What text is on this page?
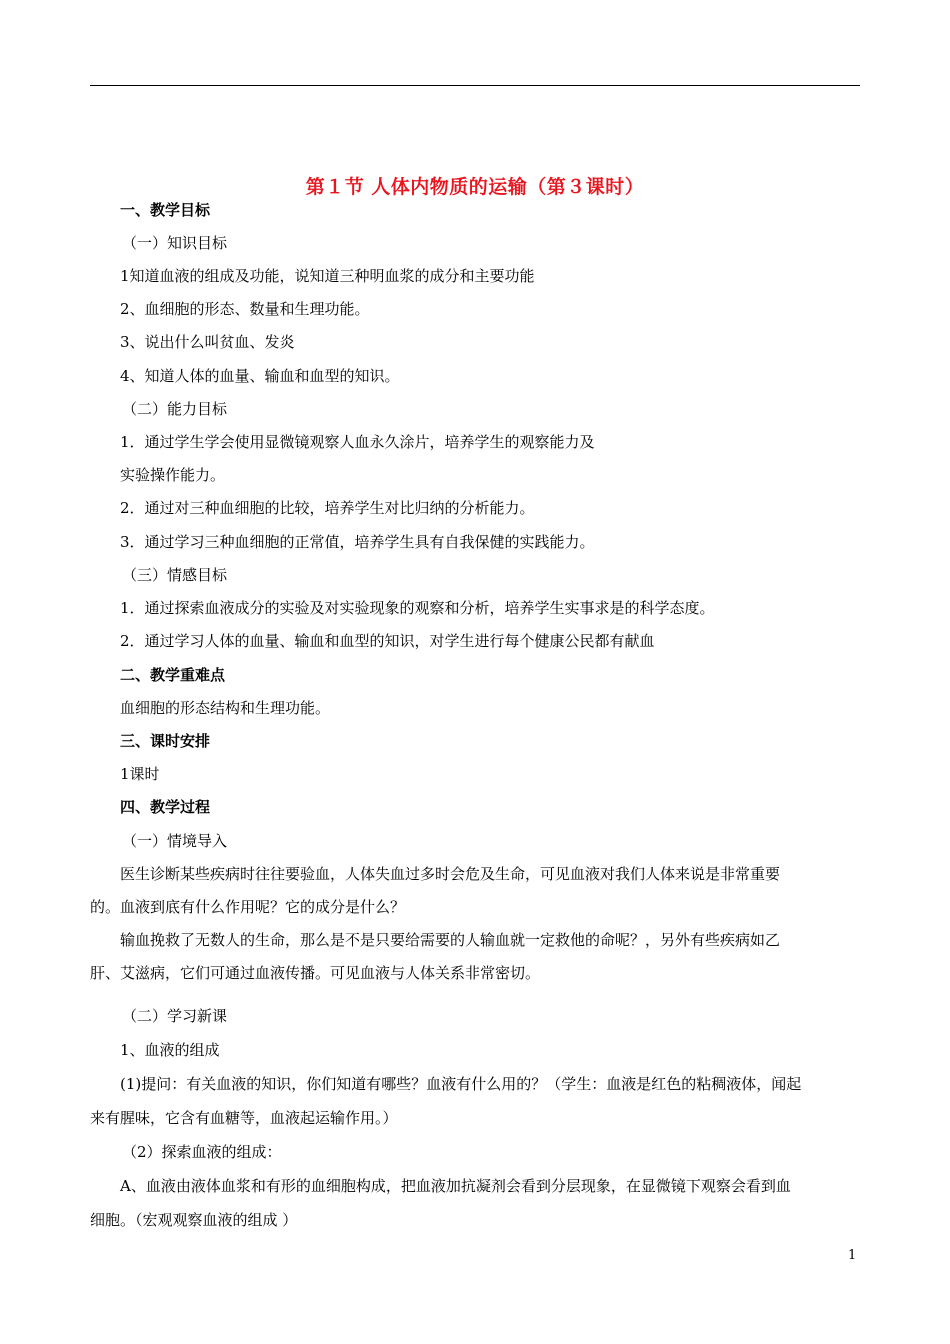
第１节 人体内物质的运输（第３课时）
一、教学目标
（一）知识目标
1知道血液的组成及功能，说知道三种明血浆的成分和主要功能
2、血细胞的形态、数量和生理功能。
3、说出什么叫贫血、发炎
4、知道人体的血量、输血和血型的知识。
（二）能力目标
1．通过学生学会使用显微镜观察人血永久涂片，培养学生的观察能力及
实验操作能力。
2．通过对三种血细胞的比较，培养学生对比归纳的分析能力。
3．通过学习三种血细胞的正常值，培养学生具有自我保健的实践能力。
（三）情感目标
1．通过探索血液成分的实验及对实验现象的观察和分析，培养学生实事求是的科学态度。
2．通过学习人体的血量、输血和血型的知识，对学生进行每个健康公民都有献血
二、教学重难点
血细胞的形态结构和生理功能。
三、课时安排
1课时
四、教学过程
（一）情境导入
医生诊断某些疾病时往往要验血，人体失血过多时会危及生命，可见血液对我们人体来说是非常重要
的。血液到底有什么作用呢？它的成分是什么？
输血挽救了无数人的生命，那么是不是只要给需要的人输血就一定救他的命呢？，另外有些疾病如乙
肝、艾滋病，它们可通过血液传播。可见血液与人体关系非常密切。
（二）学习新课
1、血液的组成
(1)提问：有关血液的知识，你们知道有哪些？血液有什么用的？（学生：血液是红色的粘稠液体，闻起
来有腥味，它含有血糖等，血液起运输作用。）
（2）探索血液的组成：
A、血液由液体血浆和有形的血细胞构成，把血液加抗凝剂会看到分层现象，在显微镜下观察会看到血
细胞。（宏观观察血液的组成 ）
1
